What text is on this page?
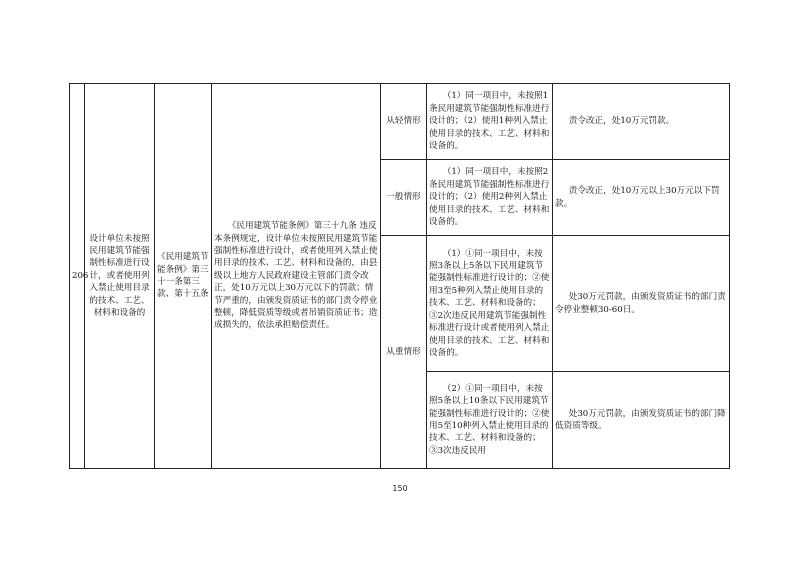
206	设计单位未按照民用建筑节能强制性标准进行设计，或者使用列入禁止使用目录的技术、工艺、材料和设备的	《民用建筑节能条例》第三十一条第三款、第十五条	《民用建筑节能条例》第三十九条 违反本条例规定，设计单位未按照民用建筑节能强制性标准进行设计，或者使用列入禁止使用目录的技术、工艺、材料和设备的，由县级以上地方人民政府建设主管部门责令改正，处10万元以上30万元以下的罚款；情节严重的，由颁发资质证书的部门责令停业整顿，降低资质等级或者吊销资质证书；造成损失的，依法承担赔偿责任。	从轻情形	（1）同一项目中，未按照1条民用建筑节能强制性标准进行设计的；（2）使用1种列入禁止使用目录的技术、工艺、材料和设备的。	责令改正，处10万元罚款。

				一般情形	（1）同一项目中，未按照2条民用建筑节能强制性标准进行设计的；（2）使用2种列入禁止使用目录的技术、工艺、材料和设备的。	责令改正，处10万元以上30万元以下罚款。

				从重情形	（1）①同一项目中，未按照3条以上5条以下民用建筑节能强制性标准进行设计的；②使用3至5种列入禁止使用目录的技术、工艺、材料和设备的；③2次违反民用建筑节能强制性标准进行设计或者使用列入禁止使用目录的技术、工艺、材料和设备的。	处30万元罚款，由颁发资质证书的部门责令停业整顿30-60日。

					（2）①同一项目中，未按照5条以上10条以下民用建筑节能强制性标准进行设计的；②使用5至10种列入禁止使用目录的技术、工艺、材料和设备的；③3次违反民用	处30万元罚款，由颁发资质证书的部门降低资质等级。
150
